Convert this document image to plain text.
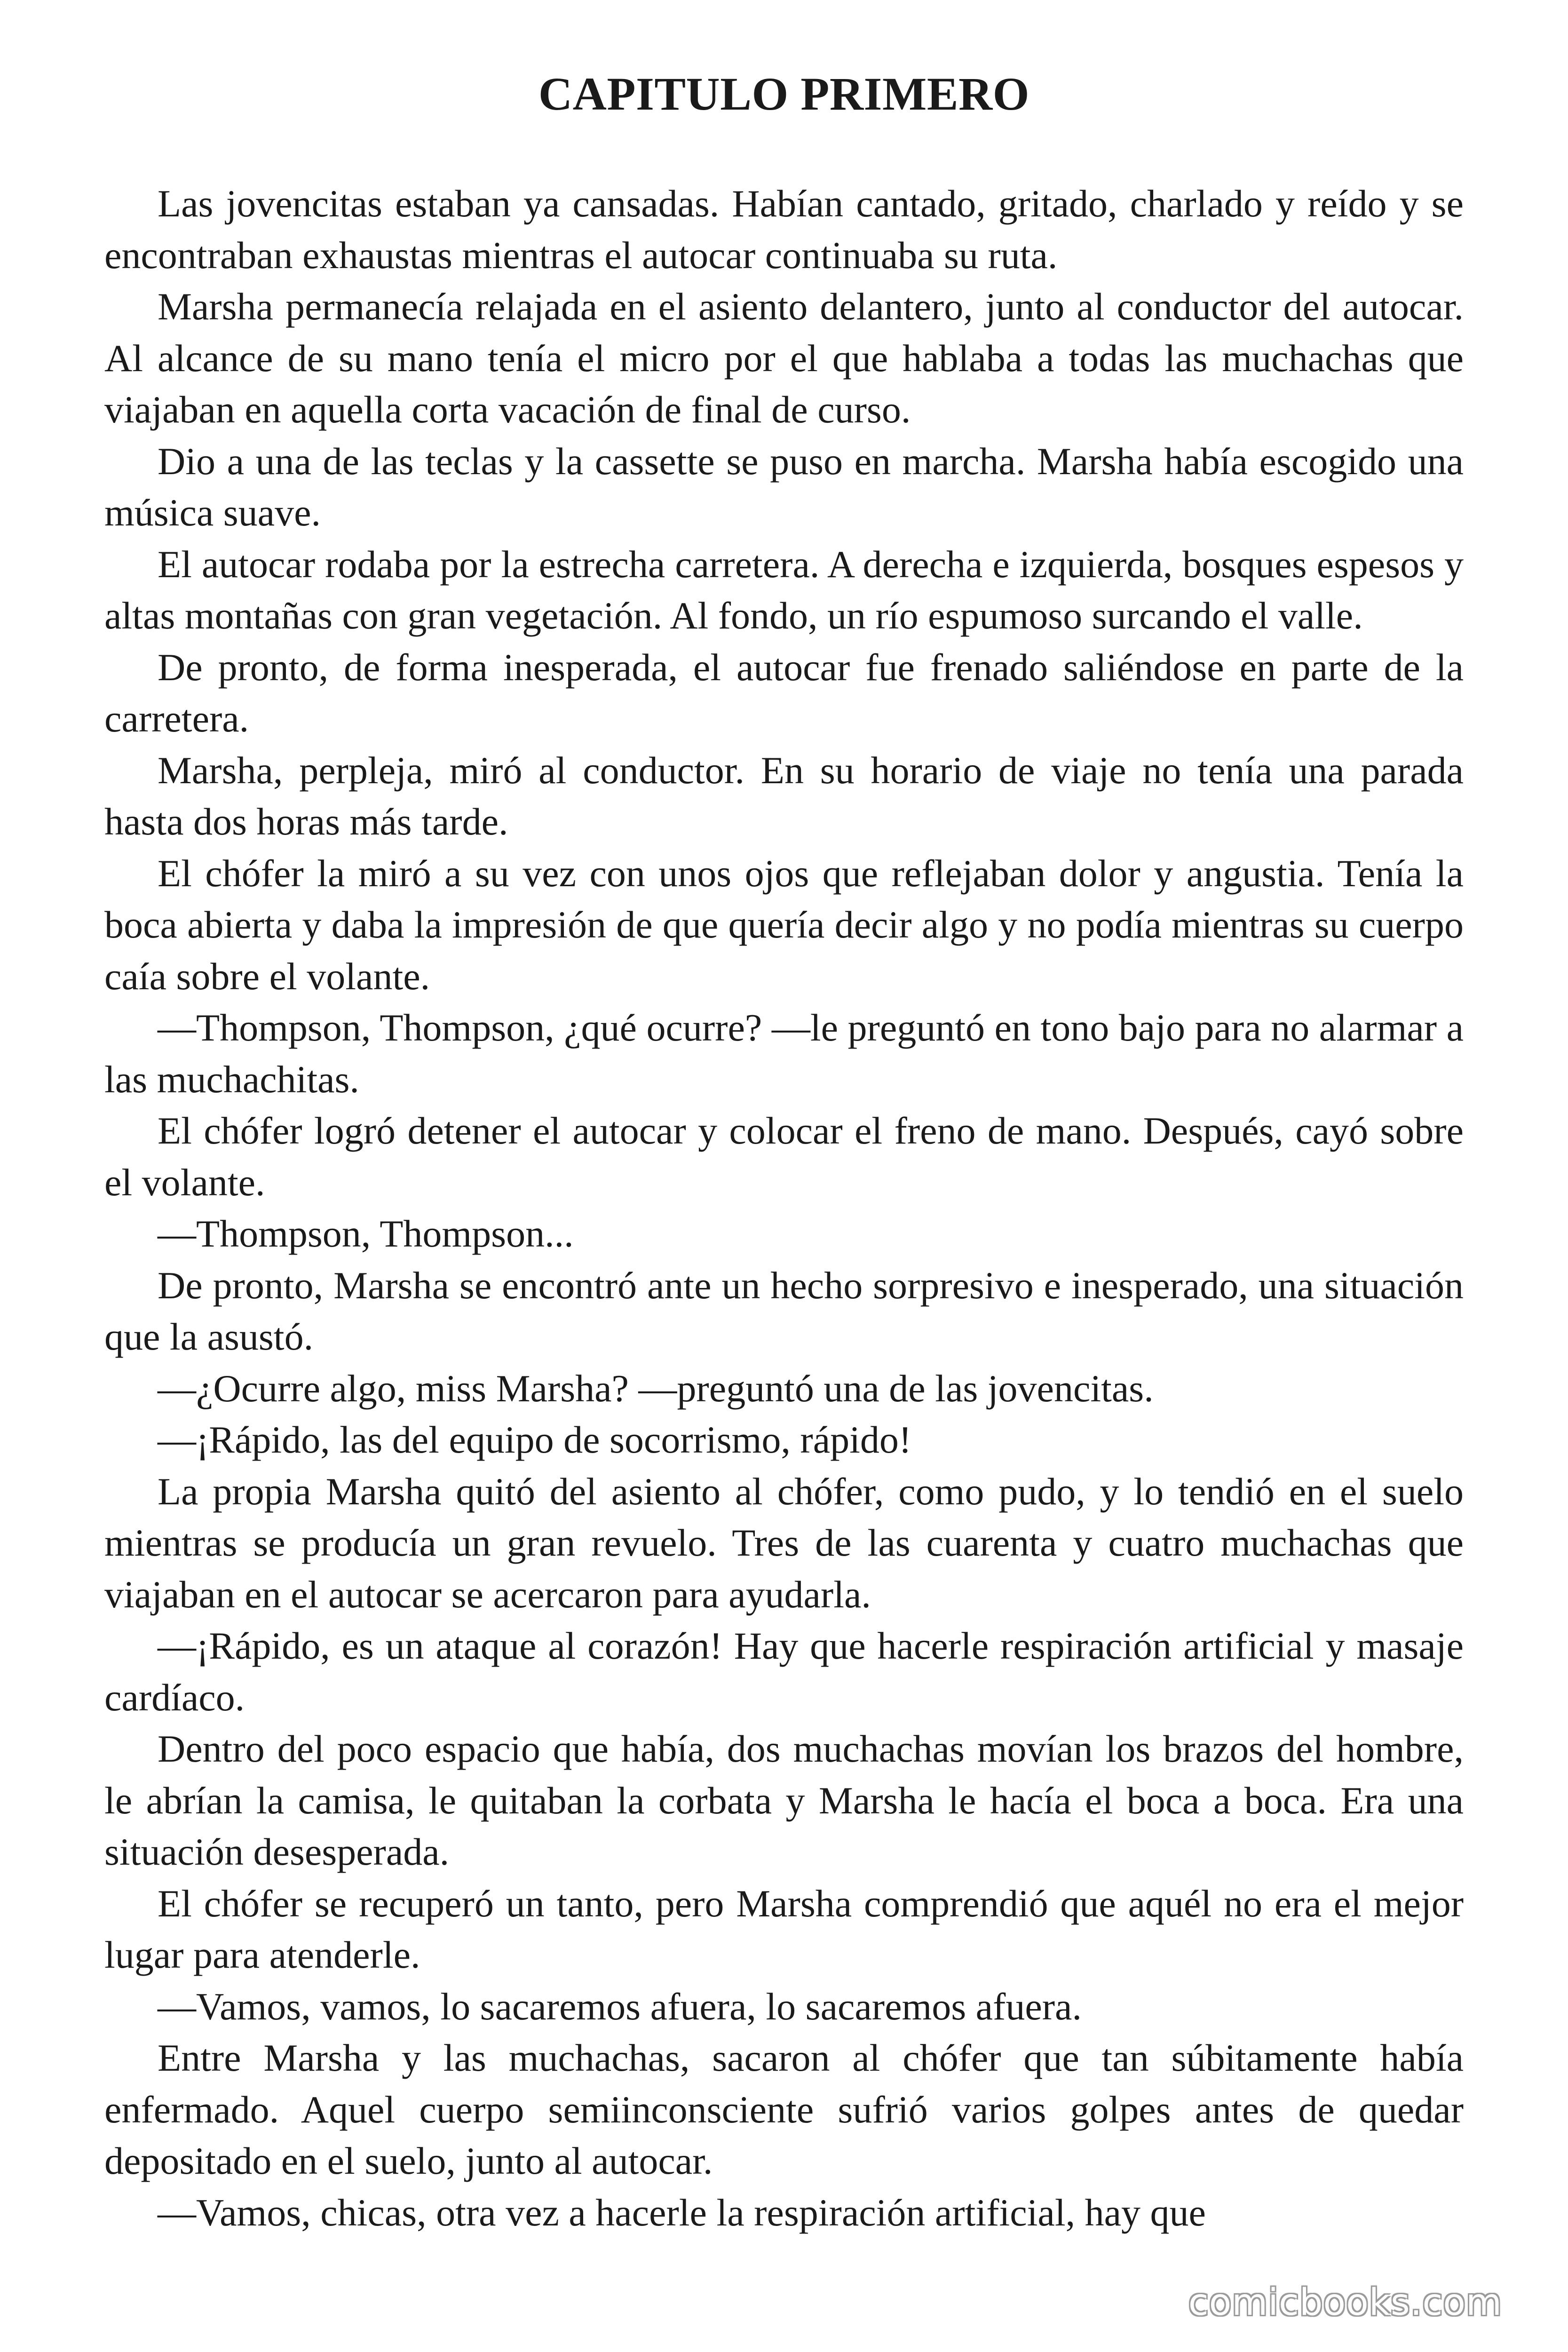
CAPITULO PRIMERO

Las jovencitas estaban ya cansadas. Habían cantado, gritado, charlado y reído y se encontraban exhaustas mientras el autocar continuaba su ruta.

Marsha permanecía relajada en el asiento delantero, junto al conductor del autocar. Al alcance de su mano tenía el micro por el que hablaba a todas las muchachas que viajaban en aquella corta vacación de final de curso.

Dio a una de las teclas y la cassette se puso en marcha. Marsha había escogido una música suave.

El autocar rodaba por la estrecha carretera. A derecha e izquierda, bosques espesos y altas montañas con gran vegetación. Al fondo, un río espumoso surcando el valle.

De pronto, de forma inesperada, el autocar fue frenado saliéndose en parte de la carretera.

Marsha, perpleja, miró al conductor. En su horario de viaje no tenía una parada hasta dos horas más tarde.

El chófer la miró a su vez con unos ojos que reflejaban dolor y angustia. Tenía la boca abierta y daba la impresión de que quería decir algo y no podía mientras su cuerpo caía sobre el volante.

—Thompson, Thompson, ¿qué ocurre? —le preguntó en tono bajo para no alarmar a las muchachitas.

El chófer logró detener el autocar y colocar el freno de mano. Después, cayó sobre el volante.

—Thompson, Thompson...

De pronto, Marsha se encontró ante un hecho sorpresivo e inesperado, una situación que la asustó.

—¿Ocurre algo, miss Marsha? —preguntó una de las jovencitas.

—¡Rápido, las del equipo de socorrismo, rápido!

La propia Marsha quitó del asiento al chófer, como pudo, y lo tendió en el suelo mientras se producía un gran revuelo. Tres de las cuarenta y cuatro muchachas que viajaban en el autocar se acercaron para ayudarla.

—¡Rápido, es un ataque al corazón! Hay que hacerle respiración artificial y masaje cardíaco.

Dentro del poco espacio que había, dos muchachas movían los brazos del hombre, le abrían la camisa, le quitaban la corbata y Marsha le hacía el boca a boca. Era una situación desesperada.

El chófer se recuperó un tanto, pero Marsha comprendió que aquél no era el mejor lugar para atenderle.

—Vamos, vamos, lo sacaremos afuera, lo sacaremos afuera.

Entre Marsha y las muchachas, sacaron al chófer que tan súbitamente había enfermado. Aquel cuerpo semiinconsciente sufrió varios golpes antes de quedar depositado en el suelo, junto al autocar.

—Vamos, chicas, otra vez a hacerle la respiración artificial, hay que

comicbooks.com
